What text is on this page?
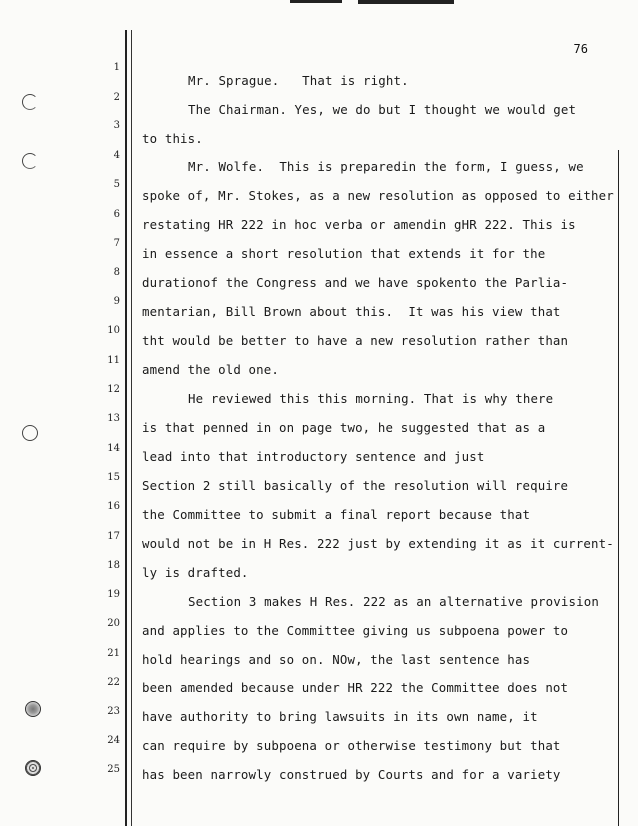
76
1
2
3
4
5
6
7
8
9
10
11
12
13
14
15
16
17
18
19
20
21
22
23
24
25
Mr. Sprague.   That is right.
The Chairman. Yes, we do but I thought we would get
to this.
Mr. Wolfe.  This is preparedin the form, I guess, we
spoke of, Mr. Stokes, as a new resolution as opposed to either
restating HR 222 in hoc verba or amendin gHR 222. This is
in essence a short resolution that extends it for the
durationof the Congress and we have spokento the Parlia-
mentarian, Bill Brown about this.  It was his view that
tht would be better to have a new resolution rather than
amend the old one.
He reviewed this this morning. That is why there
is that penned in on page two, he suggested that as a
lead into that introductory sentence and just
Section 2 still basically of the resolution will require
the Committee to submit a final report because that
would not be in H Res. 222 just by extending it as it current-
ly is drafted.
Section 3 makes H Res. 222 as an alternative provision
and applies to the Committee giving us subpoena power to
hold hearings and so on. NOw, the last sentence has
been amended because under HR 222 the Committee does not
have authority to bring lawsuits in its own name, it
can require by subpoena or otherwise testimony but that
has been narrowly construed by Courts and for a variety
